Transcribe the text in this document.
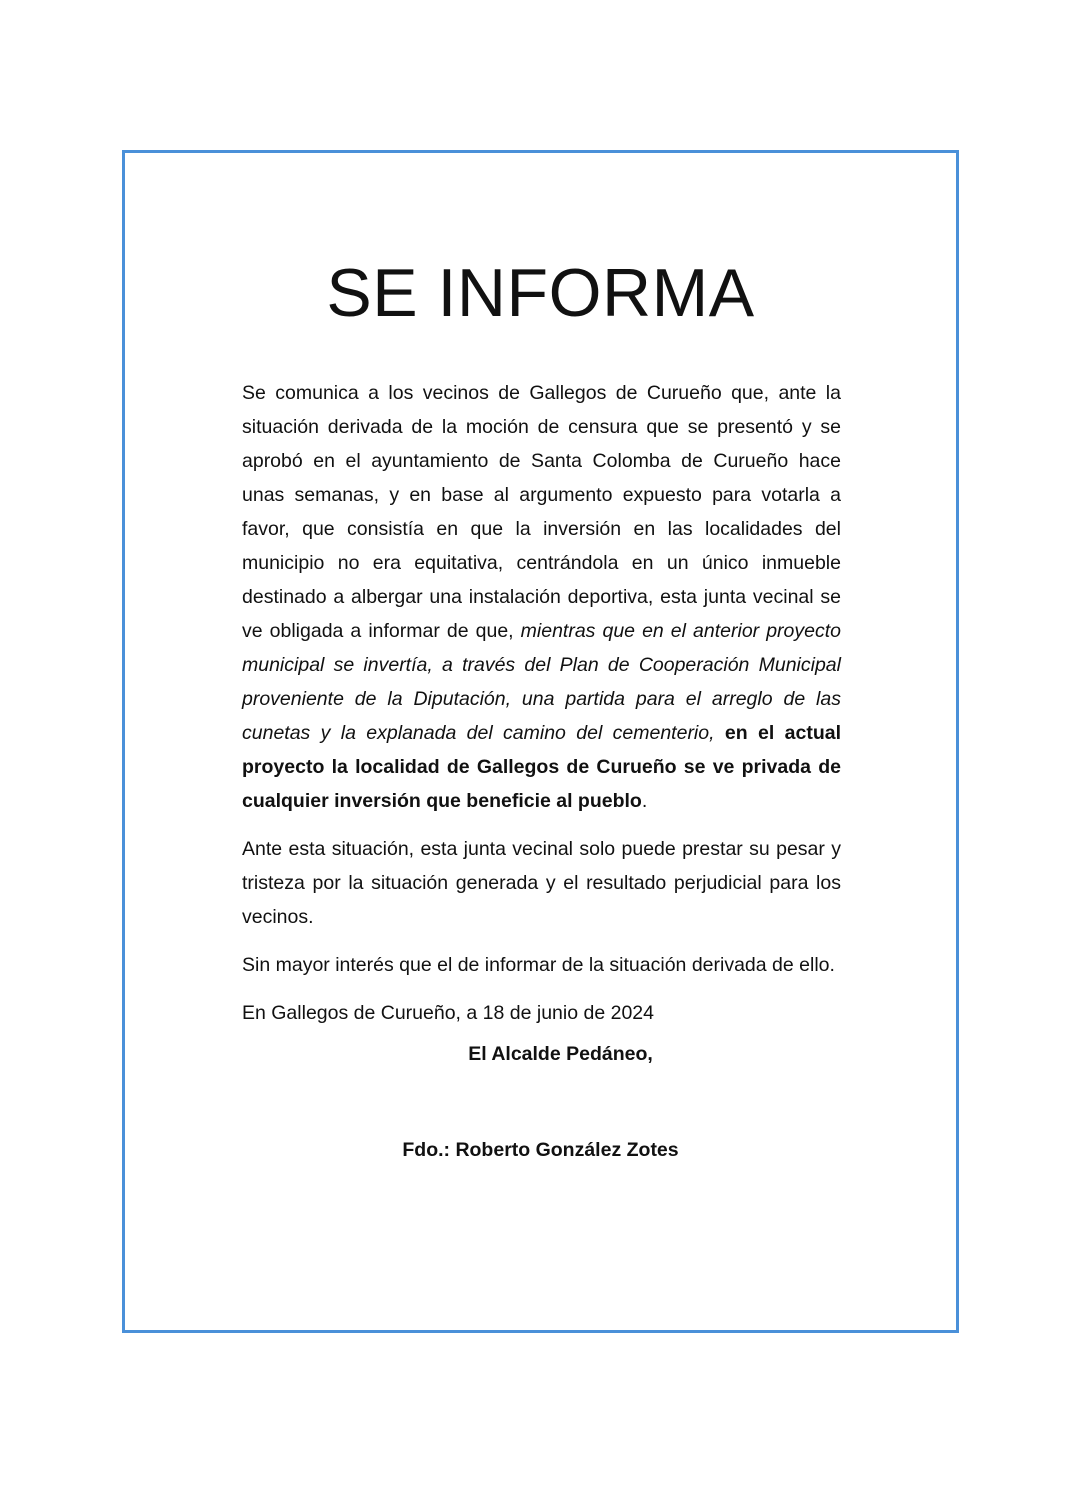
SE INFORMA

Se comunica a los vecinos de Gallegos de Curueño que, ante la situación derivada de la moción de censura que se presentó y se aprobó en el ayuntamiento de Santa Colomba de Curueño hace unas semanas, y en base al argumento expuesto para votarla a favor, que consistía en que la inversión en las localidades del municipio no era equitativa, centrándola en un único inmueble destinado a albergar una instalación deportiva, esta junta vecinal se ve obligada a informar de que, mientras que en el anterior proyecto municipal se invertía, a través del Plan de Cooperación Municipal proveniente de la Diputación, una partida para el arreglo de las cunetas y la explanada del camino del cementerio, en el actual proyecto la localidad de Gallegos de Curueño se ve privada de cualquier inversión que beneficie al pueblo.

Ante esta situación, esta junta vecinal solo puede prestar su pesar y tristeza por la situación generada y el resultado perjudicial para los vecinos.

Sin mayor interés que el de informar de la situación derivada de ello.

En Gallegos de Curueño, a 18 de junio de 2024

El Alcalde Pedáneo,
Fdo.: Roberto González Zotes
